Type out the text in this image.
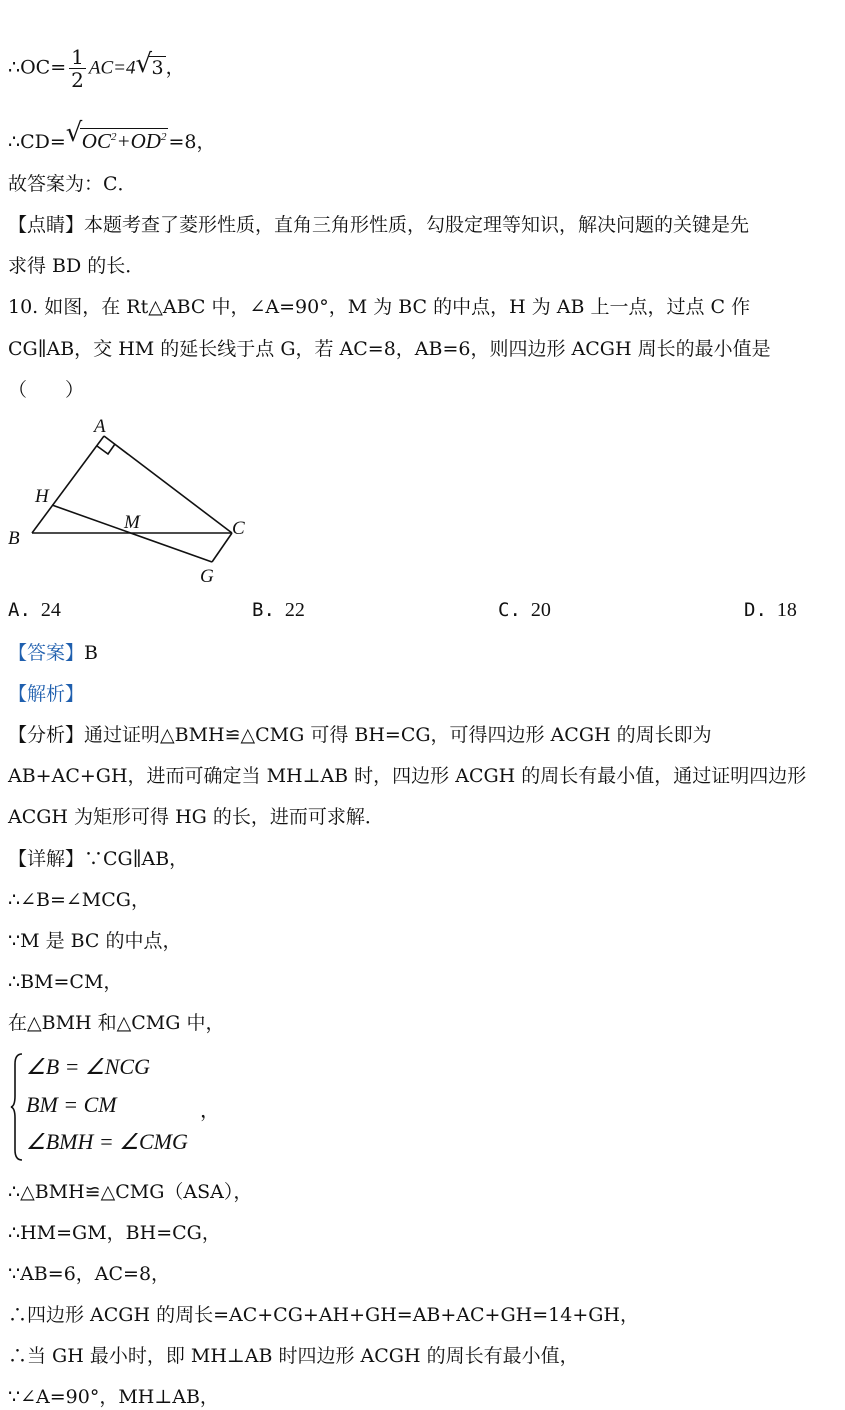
∴OC= $\frac{1}{2} AC=4$ √ 3 ，
∴CD= √ $OC^2+OD^2 =8$，
故答案为：C．
【点睛】本题考查了菱形性质，直角三角形性质，勾股定理等知识，解决问题的关键是先
求得 BD 的长．
10. 如图，在 Rt△ABC 中，∠A=90°，M 为 BC 的中点，H 为 AB 上一点，过点 C 作
CG∥AB，交 HM 的延长线于点 G，若 AC=8，AB=6，则四边形 ACGH 周长的最小值是
（　　）
A
B	C
H
M
G
A. 24	B. 22	C. 20	D. 18
【答案】B
【解析】
【分析】通过证明△BMH≌△CMG 可得 BH=CG，可得四边形 ACGH 的周长即为
AB+AC+GH，进而可确定当 MH⊥AB 时，四边形 ACGH 的周长有最小值，通过证明四边形
ACGH 为矩形可得 HG 的长，进而可求解．
【详解】∵CG∥AB，
∴∠B=∠MCG，
∵M 是 BC 的中点，
∴BM=CM，
在△BMH 和△CMG 中，
∠B = ∠NCG
BM = CM
∠BMH = ∠CMG
，
∴△BMH≌△CMG（ASA），
∴HM=GM，BH=CG，
∵AB=6，AC=8，
∴四边形 ACGH 的周长=AC+CG+AH+GH=AB+AC+GH=14+GH，
∴当 GH 最小时，即 MH⊥AB 时四边形 ACGH 的周长有最小值，
∵∠A=90°，MH⊥AB，
